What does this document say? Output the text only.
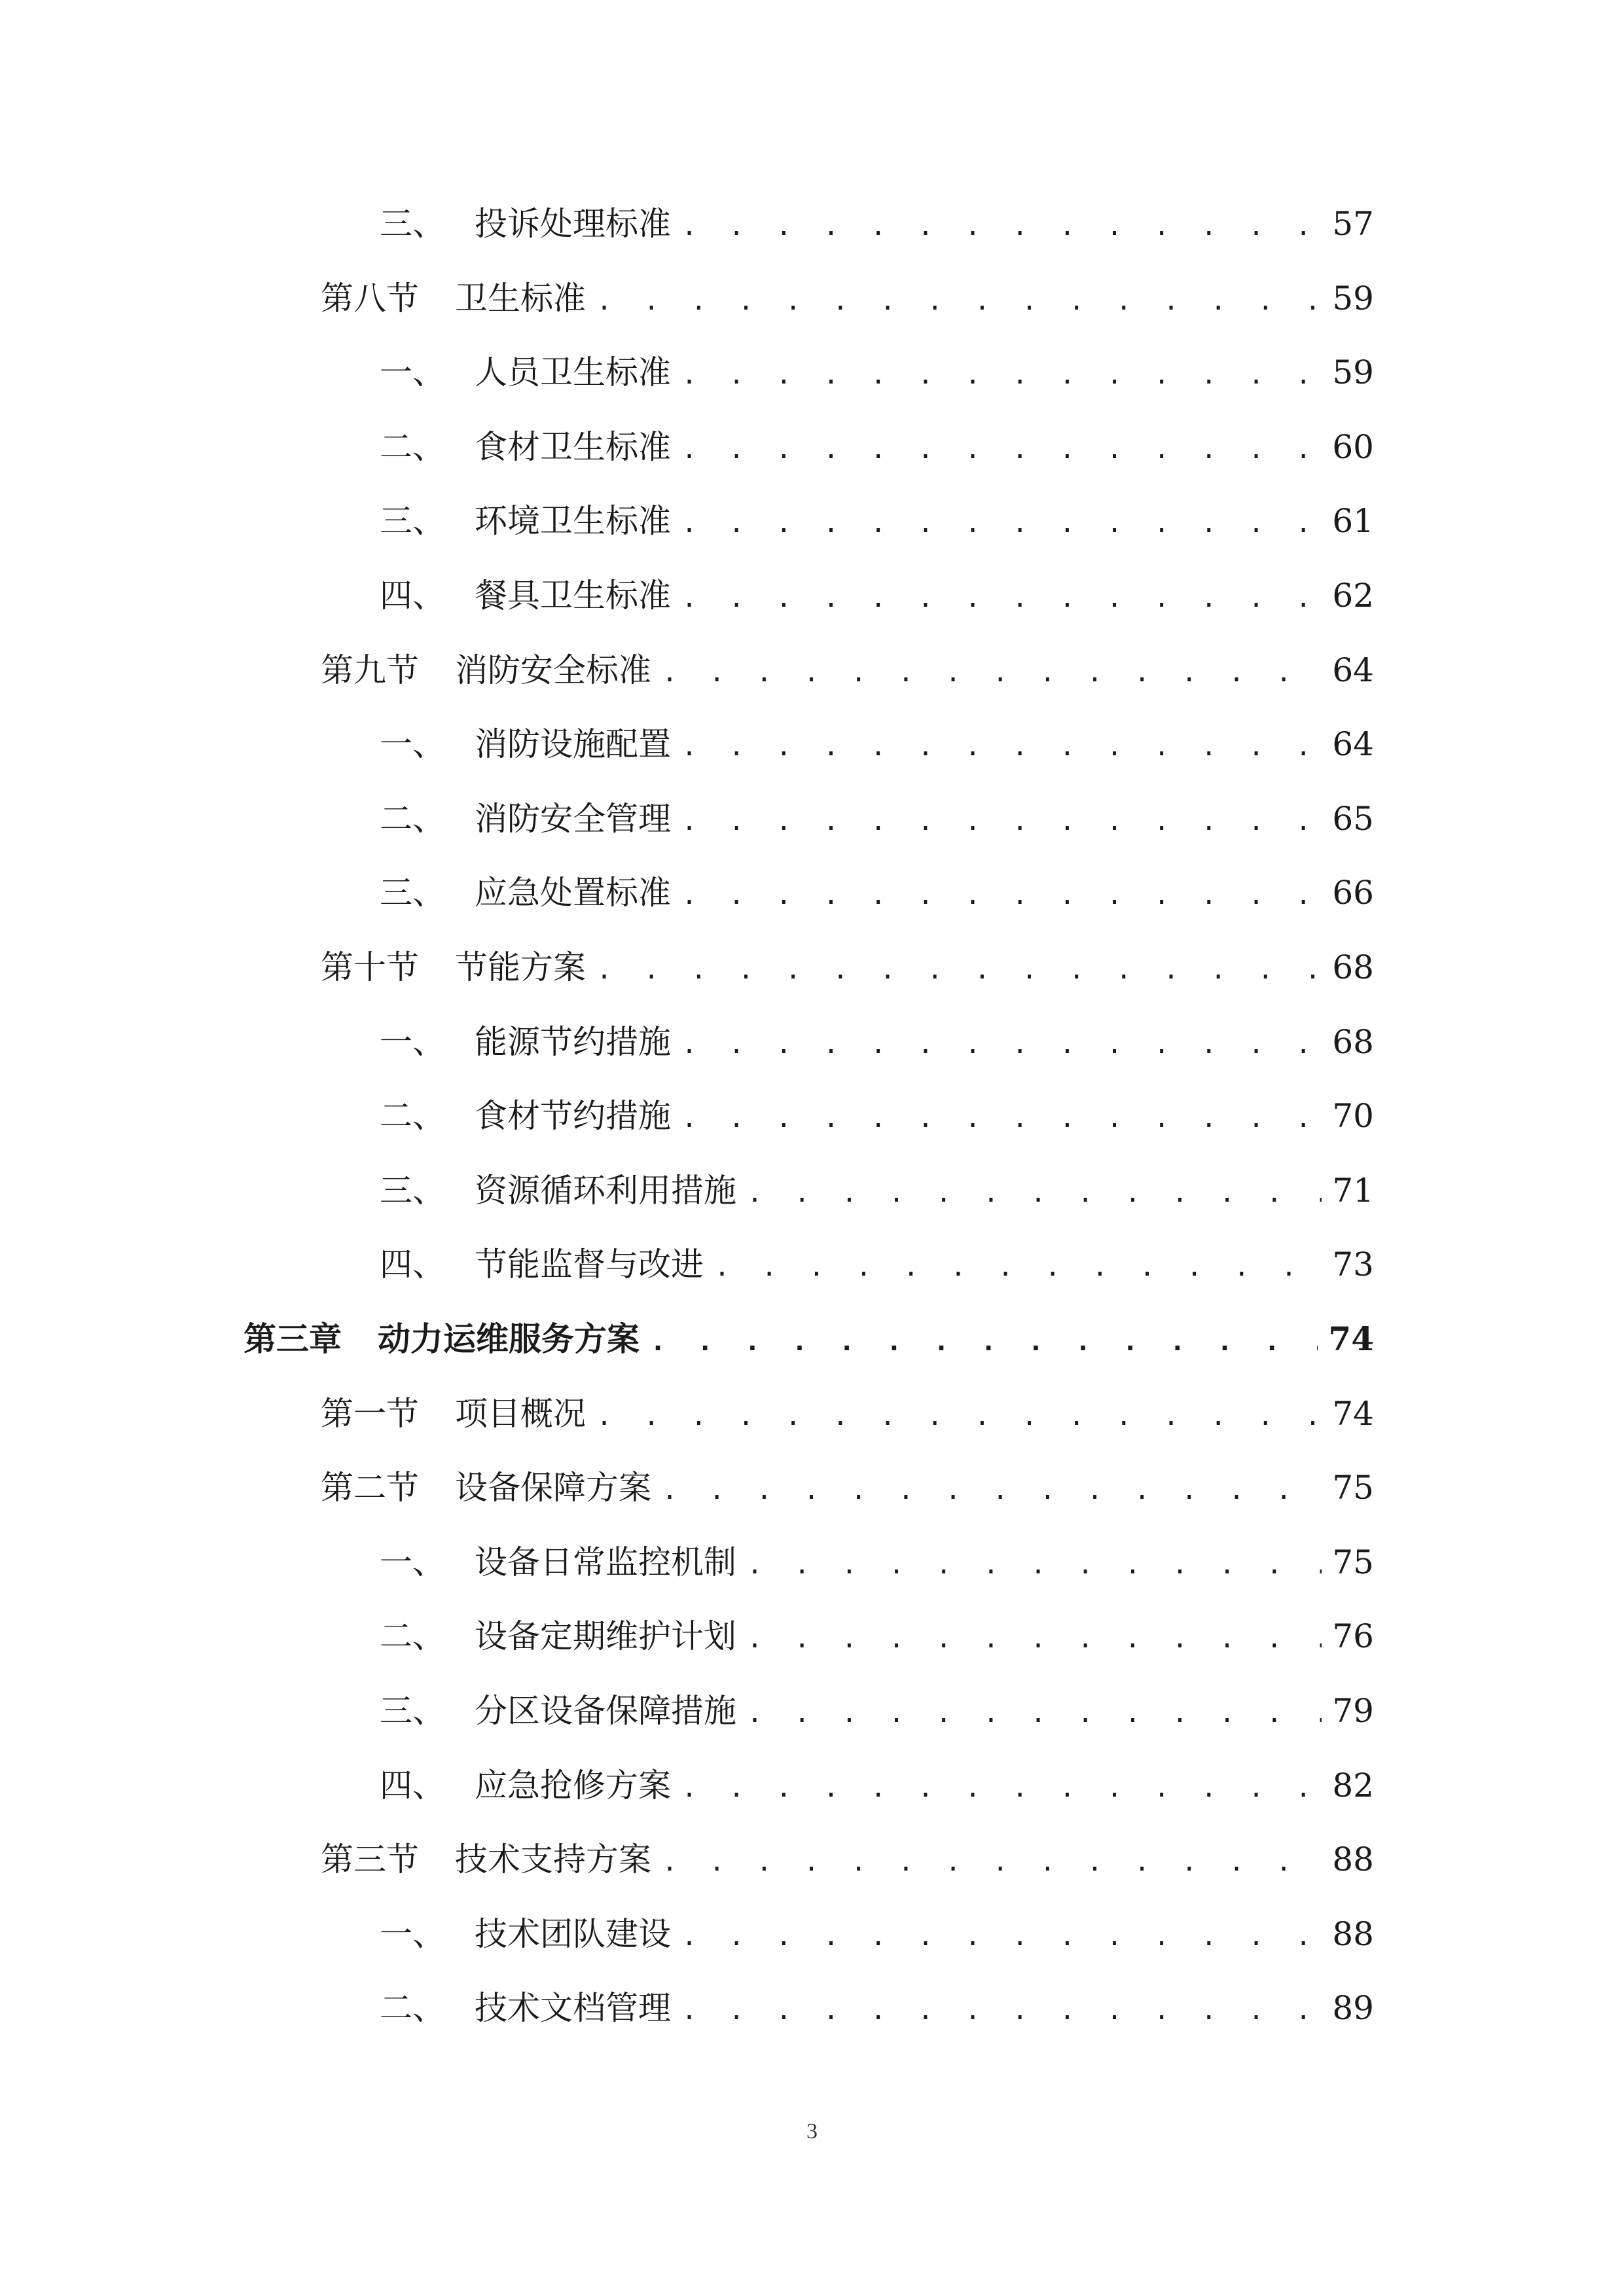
三、 投诉处理标准 . . .	57
第八节	卫生标准 . . .	59
一、 人员卫生标准 . . .	59
二、 食材卫生标准 . . .	60
三、 环境卫生标准 . . .	61
四、 餐具卫生标准 . . .	62
第九节	消防安全标准 . . .	64
一、 消防设施配置 . . .	64
二、 消防安全管理 . . .	65
三、 应急处置标准 . . .	66
第十节	节能方案 . . .	68
一、 能源节约措施 . . .	68
二、 食材节约措施 . . .	70
三、 资源循环利用措施 . . .	71
四、 节能监督与改进 . . .	73
第三章	动力运维服务方案 . . .	74
第一节	项目概况 . . .	74
第二节	设备保障方案 . . .	75
一、 设备日常监控机制 . . .	75
二、 设备定期维护计划 . . .	76
三、 分区设备保障措施 . . .	79
四、 应急抢修方案 . . .	82
第三节	技术支持方案 . . .	88
一、 技术团队建设 . . .	88
二、 技术文档管理 . . .	89
3
